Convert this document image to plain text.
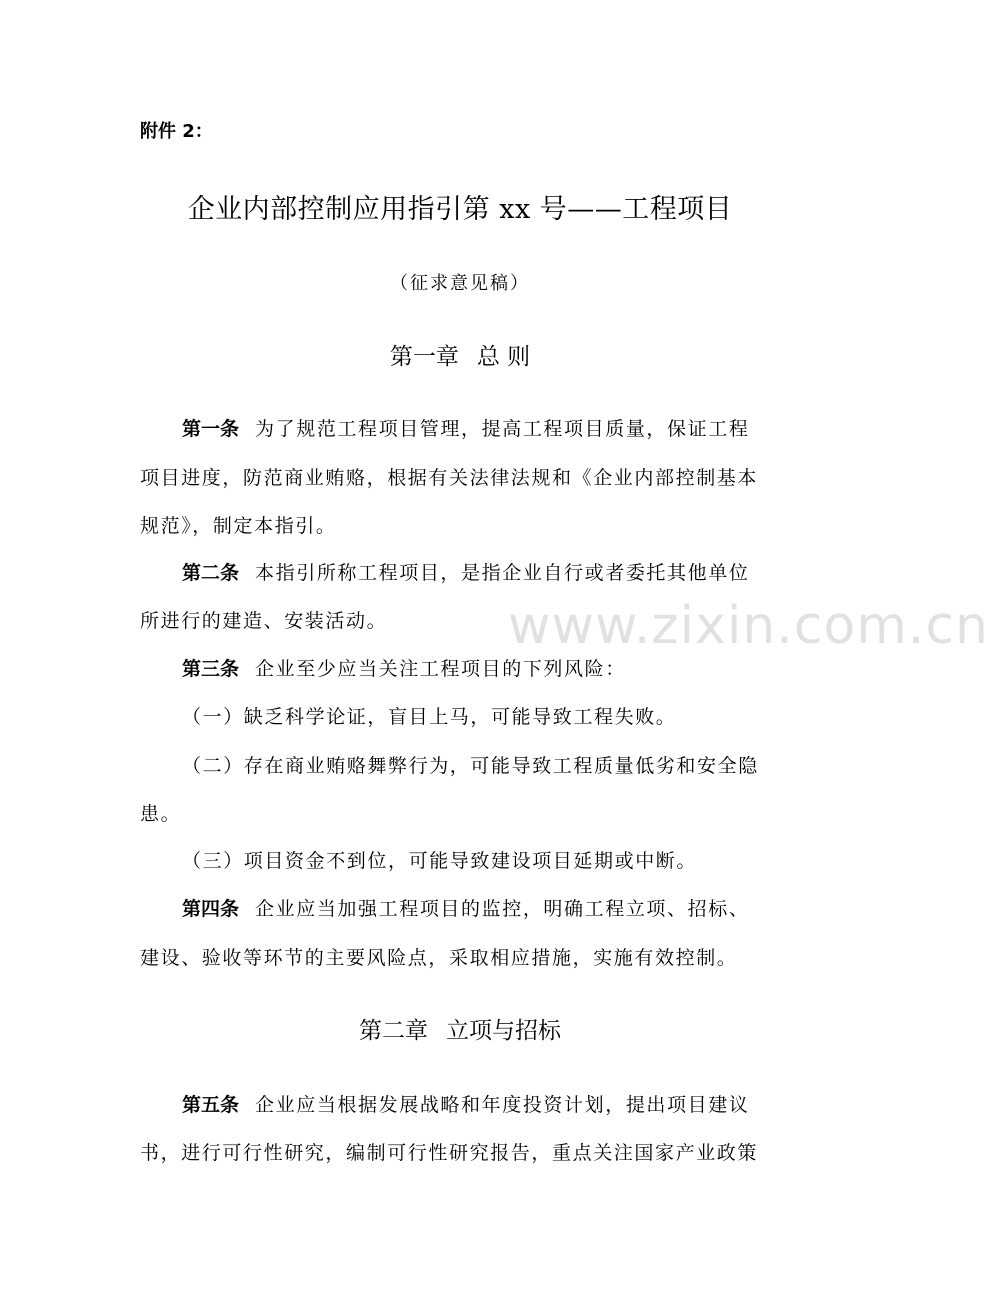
附件 2：
企业内部控制应用指引第 xx 号——工程项目
（征求意见稿）
第一章 总 则
第一条 为了规范工程项目管理，提高工程项目质量，保证工程
项目进度，防范商业贿赂，根据有关法律法规和《企业内部控制基本
规范》，制定本指引。
第二条 本指引所称工程项目，是指企业自行或者委托其他单位
所进行的建造、安装活动。
第三条 企业至少应当关注工程项目的下列风险：
（一）缺乏科学论证，盲目上马，可能导致工程失败。
（二）存在商业贿赂舞弊行为，可能导致工程质量低劣和安全隐
患。
（三）项目资金不到位，可能导致建设项目延期或中断。
第四条 企业应当加强工程项目的监控，明确工程立项、招标、
建设、验收等环节的主要风险点，采取相应措施，实施有效控制。
第二章 立项与招标
第五条 企业应当根据发展战略和年度投资计划，提出项目建议
书，进行可行性研究，编制可行性研究报告，重点关注国家产业政策
www.zixin.com.cn
